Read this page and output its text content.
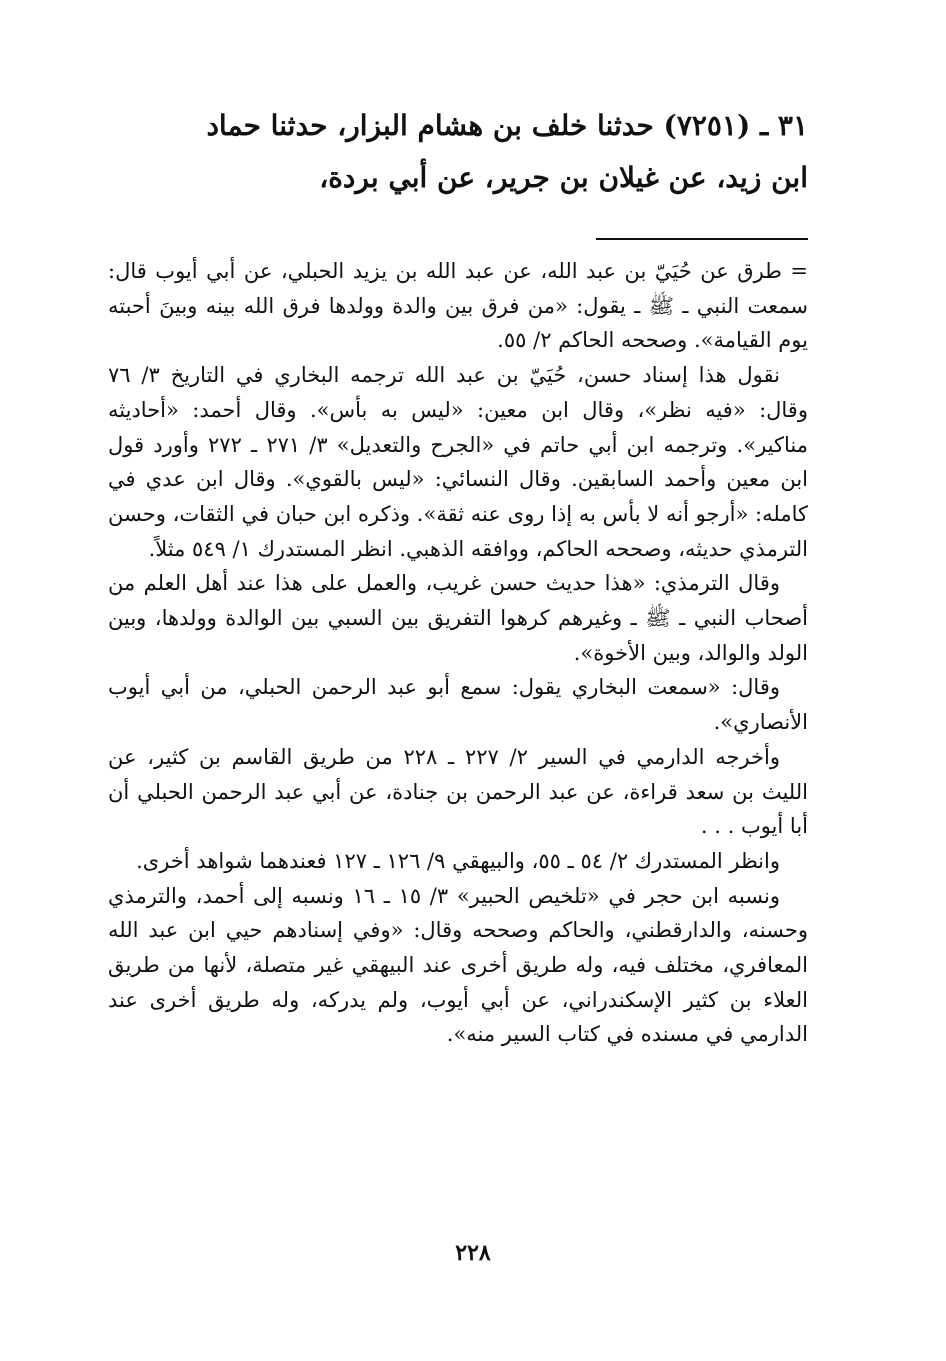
٣١ ـ (٧٢٥١) حدثنا خلف بن هشام البزار، حدثنا حماد

ابن زيد، عن غيلان بن جرير، عن أبي بردة،

= طرق عن حُيَيّ بن عبد الله، عن عبد الله بن يزيد الحبلي، عن أبي أيوب قال: سمعت النبي ـ ﷺ ـ يقول: «من فرق بين والدة وولدها فرق الله بينه وبينَ أحبته يوم القيامة». وصححه الحاكم ٢/ ٥٥.

نقول هذا إسناد حسن، حُيَيّ بن عبد الله ترجمه البخاري في التاريخ ٣/ ٧٦ وقال: «فيه نظر»، وقال ابن معين: «ليس به بأس». وقال أحمد: «أحاديثه مناكير». وترجمه ابن أبي حاتم في «الجرح والتعديل» ٣/ ٢٧١ ـ ٢٧٢ وأورد قول ابن معين وأحمد السابقين. وقال النسائي: «ليس بالقوي». وقال ابن عدي في كامله: «أرجو أنه لا بأس به إذا روى عنه ثقة». وذكره ابن حبان في الثقات، وحسن الترمذي حديثه، وصححه الحاكم، ووافقه الذهبي. انظر المستدرك ١/ ٥٤٩ مثلاً.

وقال الترمذي: «هذا حديث حسن غريب، والعمل على هذا عند أهل العلم من أصحاب النبي ـ ﷺ ـ وغيرهم كرهوا التفريق بين السبي بين الوالدة وولدها، وبين الولد والوالد، وبين الأخوة».

وقال: «سمعت البخاري يقول: سمع أبو عبد الرحمن الحبلي، من أبي أيوب الأنصاري».

وأخرجه الدارمي في السير ٢/ ٢٢٧ ـ ٢٢٨ من طريق القاسم بن كثير، عن الليث بن سعد قراءة، عن عبد الرحمن بن جنادة، عن أبي عبد الرحمن الحبلي أن أبا أيوب . . .

وانظر المستدرك ٢/ ٥٤ ـ ٥٥، والبيهقي ٩/ ١٢٦ ـ ١٢٧ فعندهما شواهد أخرى.

ونسبه ابن حجر في «تلخيص الحبير» ٣/ ١٥ ـ ١٦ ونسبه إلى أحمد، والترمذي وحسنه، والدارقطني، والحاكم وصححه وقال: «وفي إسنادهم حيي ابن عبد الله المعافري، مختلف فيه، وله طريق أخرى عند البيهقي غير متصلة، لأنها من طريق العلاء بن كثير الإسكندراني، عن أبي أيوب، ولم يدركه، وله طريق أخرى عند الدارمي في مسنده في كتاب السير منه».

٢٢٨
